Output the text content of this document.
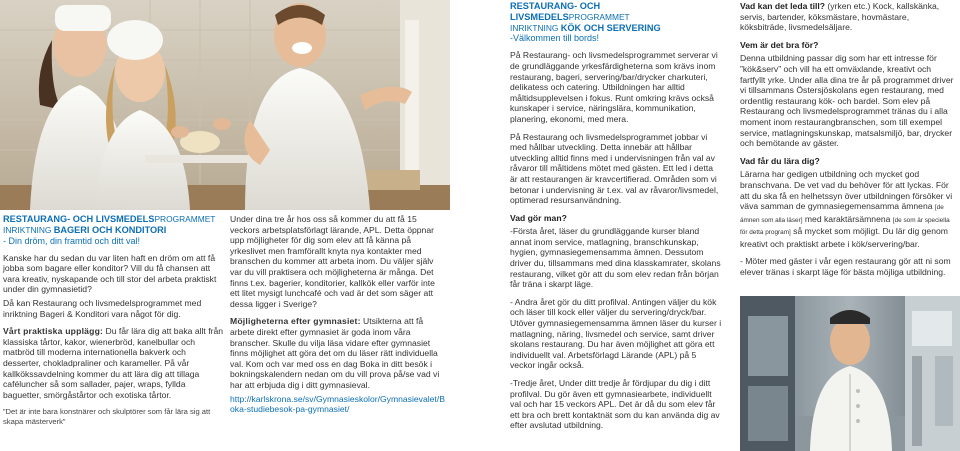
RESTAURANG- OCH LIVSMEDELSPROGRAMMET
INRIKTNING BAGERI OCH KONDITORI
- Din dröm, din framtid och ditt val!

Kanske har du sedan du var liten haft en dröm om att få jobba som bagare eller konditor? Vill du få chansen att vara kreativ, nyskapande och till stor del arbeta praktiskt under din gymnasietid?

Då kan Restaurang och livsmedelsprogrammet med inriktning Bageri & Konditori vara något för dig.

Vårt praktiska upplägg: Du får lära dig att baka allt från klassiska tårtor, kakor, wienerbröd, kanelbullar och matbröd till moderna internationella bakverk och desserter, chokladpraliner och karameller. På vår kallkökssavdelning kommer du att lära dig att tillaga caféluncher så som sallader, pajer, wraps, fyllda baguetter, smörgåstårtor och exotiska tårtor.

”Det är inte bara konstnärer och skulptörer som får lära sig att skapa mästerverk”

Under dina tre år hos oss så kommer du att få 15 veckors arbetsplatsförlagt lärande, APL. Detta öppnar upp möjligheter för dig som elev att få känna på yrkeslivet men framförallt knyta nya kontakter med branschen du kommer att arbeta inom. Du väljer själv var du vill praktisera och möjligheterna är många. Det finns t.ex. bagerier, konditorier, kallkök eller varför inte ett litet mysigt lunchcafé och vad är det som säger att dessa ligger i Sverige?

Möjligheterna efter gymnasiet: Utsikterna att få arbete direkt efter gymnasiet är goda inom våra branscher. Skulle du vilja läsa vidare efter gymnasiet finns möjlighet att göra det om du läser rätt individuella val. Kom och var med oss en dag Boka in ditt besök i bokningskalendern nedan om du vill prova på/se vad vi har att erbjuda dig i ditt gymnasieval.

http://karlskrona.se/sv/Gymnasieskolor/Gymnasievalet/Boka-studiebesok-pa-gymnasiet/

RESTAURANG- OCH LIVSMEDELSPROGRAMMET
INRIKTNING KÖK OCH SERVERING
-Välkommen till bords!

På Restaurang- och livsmedelsprogrammet serverar vi de grundläggande yrkesfärdigheterna som krävs inom restaurang, bageri, servering/bar/drycker charkuteri, delikatess och catering. Utbildningen har alltid måltidsupplevelsen i fokus. Runt omkring krävs också kunskaper i service, näringslära, kommunikation, planering, ekonomi, med mera.

På Restaurang och livsmedelsprogrammet jobbar vi med hållbar utveckling. Detta innebär att hållbar utveckling alltid finns med i undervisningen från val av råvaror till måltidens mötet med gästen. Ett led i detta är att restaurangen är kravcertifierad. Områden som vi betonar i undervisning är t.ex. val av råvaror/livsmedel, optimerad resursanvändning.

Vad gör man?

-Första året, läser du grundläggande kurser bland annat inom service, matlagning, branschkunskap, hygien, gymnasiegemensamma ämnen. Dessutom driver du, tillsammans med dina klasskamrater, skolans restaurang, vilket gör att du som elev redan från början får träna i skarpt läge.

- Andra året gör du ditt profilval. Antingen väljer du kök och läser till kock eller väljer du servering/dryck/bar. Utöver gymnasiegemensamma ämnen läser du kurser i matlagning, näring, livsmedel och service, samt driver skolans restaurang. Du har även möjlighet att göra ett individuellt val. Arbetsförlagd Lärande (APL) på 5 veckor ingår också.

-Tredje året, Under ditt tredje år fördjupar du dig i ditt profilval. Du gör även ett gymnasiearbete, individuellt val och har 15 veckors APL. Det är då du som elev får ett bra och brett kontaktnät som du kan använda dig av efter avslutad utbildning.

Vad kan det leda till? (yrken etc.) Kock, kallskänka, servis, bartender, köksmästare, hovmästare, köksbiträde, livsmedelsäljare.

Vem är det bra för?

Denna utbildning passar dig som har ett intresse för ”kök&serv” och vill ha ett omväxlande, kreativt och fartfyllt yrke. Under alla dina tre år på programmet driver vi tillsammans Östersjöskolans egen restaurang, med ordentlig restaurang kök- och bardel. Som elev på Restaurang och livsmedelsprogrammet tränas du i alla moment inom restaurangbranschen, som till exempel service, matlagningskunskap, matsalsmiljö, bar, drycker och bemötande av gäster.

Vad får du lära dig?

Lärarna har gedigen utbildning och mycket god branschvana. De vet vad du behöver för att lyckas. För att du ska få en helhetssyn över utbildningen försöker vi väva samman de gymnasiegemensamma ämnena [de ämnen som alla läser] med karaktärsämnena [de som är speciella för detta program] så mycket som möjligt. Du lär dig genom kreativt och praktiskt arbete i kök/servering/bar.

- Möter med gäster i vår egen restaurang gör att ni som elever tränas i skarpt läge för bästa möjliga utbildning.
